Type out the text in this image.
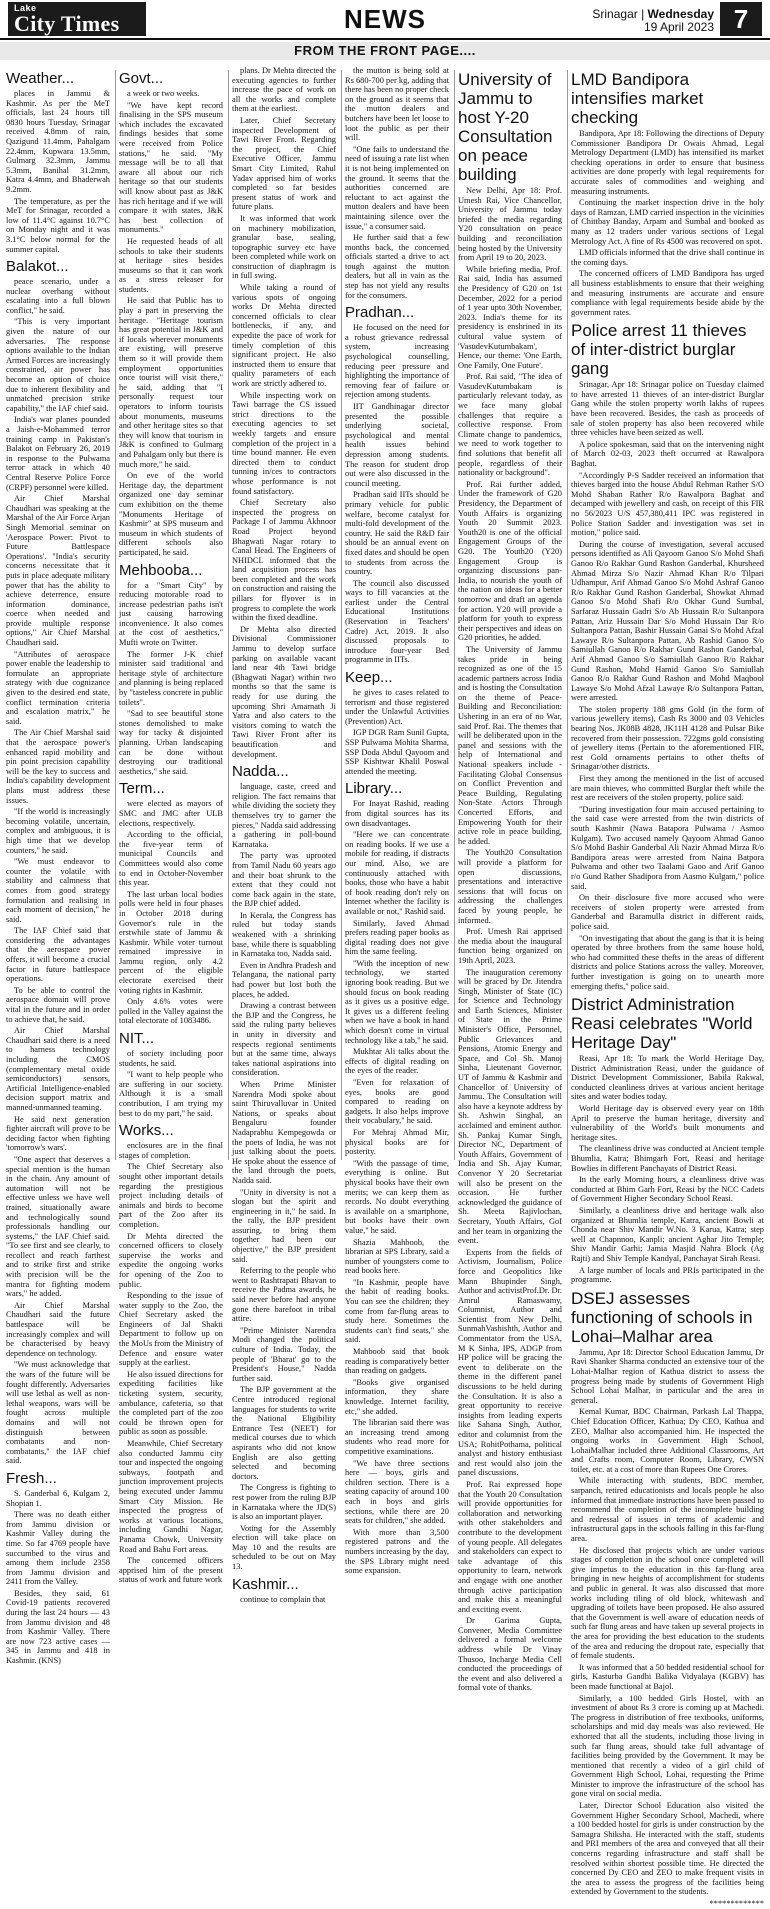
Lake
City Times	NEWS	Srinagar | Wednesday
19 April 2023 7
FROM THE FRONT PAGE....
Weather...

places in Jammu & Kashmir. As per the MeT officials, last 24 hours till 0830 hours Tuesday, Srinagar received 4.8mm of rain, Qazigund 11.4mm, Pahalgam 22.4mm, Kupwara 13.5mm, Gulmarg 32.3mm, Jammu 5.3mm, Banihal 31.2mm, Katra 4.4mm, and Bhaderwah 9.2mm.

The temperature, as per the MeT for Srinagar, recorded a low of 11.4°C against 10.7°C on Monday night and it was 3.1°C below normal for the summer capital.

Balakot...

peace scenario, under a nuclear overhang without escalating into a full blown conflict," he said.

"This is very important given the nature of our adversaries. The response options available to the Indian Armed Forces are increasingly constrained, air power has become an option of choice due to inherent flexibility and unmatched precision strike capability," the IAF chief said.

India's war planes pounded a Jaish-e-Mohammed terror training camp in Pakistan's Balakot on February 26, 2019 in response to the Pulwama terror attack in which 40 Central Reserve Police Force (CRPF) personnel were killed.

Air Chief Marshal Chaudhari was speaking at the Marshal of the Air Force Arjan Singh Memorial seminar on 'Aerospace Power: Pivot to Future Battlespace Operations'. "India's security concerns necessitate that it puts in place adequate military power that has the ability to achieve deterrence, ensure information dominance, coerce when needed and provide multiple response options," Air Chief Marshal Chaudhari said.

"Attributes of aerospace power enable the leadership to formulate an appropriate strategy with due cognizance given to the desired end state, conflict termination criteria and escalation matrix," he said.

The Air Chief Marshal said that the aerospace power's enhanced rapid mobility and pin point precision capability will be the key to success and India's capability development plans must address these issues.

"If the world is increasingly becoming volatile, uncertain, complex and ambiguous, it is high time that we develop counters," he said.

"We must endeavor to counter the volatile with stability and calmness that comes from good strategy formulation and realising in each moment of decision," he said.

The IAF Chief said that considering the advantages that the aerospace power offers, it will become a crucial factor in future battlespace operations.

To be able to control the aerospace domain will prove vital in the future and in order to achieve that, he said.

Air Chief Marshal Chaudhari said there is a need to harness technology including the CMOS (complementary metal oxide semiconductors) sensors, Artificial Intelligence-enabled decision support matrix and manned-unmanned teaming.

He said next generation fighter aircraft will prove to be deciding factor when fighting 'tomorrow's wars'.

"One aspect that deserves a special mention is the human in the chain. Any amount of automation will not be effective unless we have well trained, situationally aware and technologically sound professionals handling our systems," the IAF Chief said. "To see first and see clearly, to recollect and reach farthest and to strike first and strike with precision will be the mantra for fighting modern wars," he added.

Air Chief Marshal Chaudhari said the future battlespace will be increasingly complex and will be characterised by heavy dependence on technology.

"We must acknowledge that the wars of the future will be fought differently. Adversaries will use lethal as well as non-lethal weapons, wars will be fought across multiple domains and will not distinguish between combatants and non-combatants," the IAF chief said.

Fresh...

S. Ganderbal 6, Kulgam 2, Shopian 1.

There was no death either from Jammu division or Kashmir Valley during the time. So far 4769 people have succumbed to the virus and among them include 2358 from Jammu division and 2411 from the Valley.

Besides, they said, 61 Covid-19 patients recovered during the last 24 hours — 43 from Jammu division and 48 from Kashmir Valley. There are now 723 active cases — 345 in Jammu and 418 in Kashmir. (KNS)

Govt...

a week or two weeks.

"We have kept record finalising in the SPS museum which includes the excavated findings besides that some were received from Police stations," he said. "My message will be to all that aware all about our rich heritage so that our students will know about past as J&K has rich heritage and if we will compare it with states, J&K has best collection of monuments."

He requested heads of all schools to take their students at heritage sites besides museums so that it can work as a stress releaser for students.

He said that Public has to play a part in preserving the heritage. "Heritage tourism has great potential in J&K and if locals wherever monuments are existing, will preserve them so it will provide them employment opportunities once tourist will visit there," he said, adding that "I personally request tour operators to inform tourists about monuments, museums and other heritage sites so that they will know that tourism in J&K is confined to Gulmarg and Pahalgam only but there is much more," he said.

On eve of the world Heritage day, the department organized one day seminar cum exhibition on the theme "Monuments Heritage of Kashmir" at SPS museum and museum in which students of different schools also participated, he said.

Mehbooba...

for a "Smart City" by reducing motorable road to increase pedestrian paths isn't just causing harrowing inconvenience. It also comes at the cost of aesthetics," Mufti wrote on Twitter.

The former J-K chief minister said traditional and heritage style of architecture and planning is being replaced by "tasteless concrete in public toilets".

"Sad to see beautiful stone stones demolished to make way for tacky & disjointed planning. Urban landscaping can be done without destroying our traditional aesthetics," she said.

Term...

were elected as mayors of SMC and JMC after ULB elections, respectively.

According to the official, the five-year term of municipal Councils and Committees would also come to end in October-November this year.

The last urban local bodies polls were held in four phases in October 2018 during Governor's rule in the erstwhile state of Jammu & Kashmir. While voter turnout remained impressive in Jammu region, only 4.2 percent of the eligible electorate exercised their voting rights in Kashmir.

Only 4.6% votes were polled in the Valley against the total electorate of 1083486.

NIT...

of society including poor students, he said.

"I want to help people who are suffering in our society. Although it is a small contribution, I am trying my best to do my part," he said.

Works...

enclosures are in the final stages of completion.

The Chief Secretary also sought other important details regarding the prestigious project including details of animals and birds to become part of the Zoo after its completion.

Dr Mehta directed the concerned officers to closely supervise the works and expedite the ongoing works for opening of the Zoo to public.

Responding to the issue of water supply to the Zoo, the Chief Secretary asked the Engineers of Jal Shakti Department to follow up on the MoUs from the Ministry of Defence and ensure water supply at the earliest.

He also issued directions for expediting facilities like ticketing system, security, ambulance, cafeteria, so that the completed part of the zoo could be thrown open for public as soon as possible.

Meanwhile, Chief Secretary also conducted Jammu city tour and inspected the ongoing subways, footpath and junction improvement projects being executed under Jammu Smart City Mission. He inspected the progress of works at various locations, including Gandhi Nagar, Panama Chowk, University Road and Bahu Fort areas.

The concerned officers apprised him of the present status of work and future work

plans. Dr Mehta directed the executing agencies to further increase the pace of work on all the works and complete them at the earliest.

Later, Chief Secretary inspected Development of Tawi River Front. Regarding the project, the Chief Executive Officer, Jammu Smart City Limited, Rahul Yadav apprised him of works completed so far besides present status of work and future plans.

It was informed that work on machinery mobilization, granular base, sealing, topographic survey etc have been completed while work on construction of diaphragm is in full swing.

While taking a round of various spots of ongoing works Dr Mehta directed concerned officials to clear bottlenecks, if any, and expedite the pace of work for timely completion of this significant project. He also instructed them to ensure that quality parameters of each work are strictly adhered to.

While inspecting work on Tawi barrage the CS issued strict directions to the executing agencies to set weekly targets and ensure completion of the project in a time bound manner. He even directed them to conduct tunning in/ces to contractors whose performance is not found satisfactory.

Chief Secretary also inspected the progress on Package I of Jammu Akhnoor Road Project beyond Bhagwati Nagar rotary to Canal Head. The Engineers of NHIDCL informed that the land acquisition process has been completed and the work on construction and raising the pillars for flyover is in progress to complete the work within the fixed deadline.

Dr Mehta also directed Divisional Commissioner Jammu to develop surface parking on available vacant land near 4th Tawi bridge (Bhagwati Nagar) within two months so that the same is ready for use during the upcoming Shri Amarnath Ji Yatra and also caters to the visitors coming to watch the Tawi River Front after its beautification and development.

Nadda...

language, caste, creed and religion. The fact remains that while dividing the society they themselves try to garner the pieces," Nadda said addressing a gathering in poll-bound Karnataka.

The party was uprooted from Tamil Nadu 60 years ago and their boat shrunk to the extent that they could not come back again in the state, the BJP chief added.

In Kerala, the Congress has ruled but today stands weakened with a shrinking base, while there is squabbling in Karnataka too, Nadda said.

Even in Andhra Pradesh and Telangana, the national party had power but lost both the places, he added.

Drawing a contrast between the BJP and the Congress, he said the ruling party believes in unity in diversity and respects regional sentiments but at the same time, always takes national aspirations into consideration.

When Prime Minister Narendra Modi spoke about saint Thiruvalluvar in United Nations, or speaks about Bengaluru founder Nadaprabhu Kempegowda or the poets of India, he was not just talking about the poets. He spoke about the essence of the land through the poets, Nadda said.

"Unity in diversity is not a slogan but the spirit and engineering in it," he said. In the rally, the BJP president assuring, to bring them together had been our objective," the BJP president said.

Referring to the people who went to Rashtrapati Bhavan to receive the Padma awards, he said never before had anyone gone there barefoot in tribal attire.

"Prime Minister Narendra Modi changed the political culture of India. Today, the people of 'Bharat' go to the President's House," Nadda further said.

The BJP government at the Centre introduced regional languages for students to write the National Eligibility Entrance Test (NEET) for medical courses due to which aspirants who did not know English are also getting selected and becoming doctors.

The Congress is fighting to rest power from the ruling BJP in Karnataka where the JD(S) is also an important player.

Voting for the Assembly election will take place on May 10 and the results are scheduled to be out on May 13.

Kashmir...

continue to complain that

the mutton is being sold at Rs 680-700 per kg, adding that there has been no proper check on the ground as it seems that the mutton dealers and butchers have been let loose to loot the public as per their will.

"One fails to understand the need of issuing a rate list when it is not being implemented on the ground. It seems that the authorities concerned are reluctant to act against the mutton dealers and have been maintaining silence over the issue," a consumer said.

He further said that a few months back, the concerned officials started a drive to act tough against the mutton dealers, but all in vain as the step has not yield any results for the consumers.

Pradhan...

He focused on the need for a robust grievance redressal system, increasing psychological counselling, reducing peer pressure and highlighting the importance of removing fear of failure or rejection among students.

IIT Gandhinagar director presented the possible underlying societal, psychological and mental health issues behind depression among students. The reason for student drop out were also discussed in the council meeting.

Pradhan said IITs should be primary vehicle for public welfare, become catalyst for multi-fold development of the country. He said the R&D fair should be an annual event on fixed dates and should be open to students from across the country.

The council also discussed ways to fill vacancies at the earliest under the Central Educational Institutions (Reservation in Teachers' Cadre) Act, 2019. It also discussed proposals to introduce four-year Bed programme in IITs.

Keep...

he gives to cases related to terrorism and those registered under the Unlawful Activities (Prevention) Act.

IGP DGR Ram Sunil Gupta, SSP Pulwama Mohita Sharma, SSP Doda Abdul Qayoom and SSP Kishtwar Khalil Poswal attended the meeting.

Library...

For Inayat Rashid, reading from digital sources has its own disadvantages.

"Here we can concentrate on reading books. If we use a mobile for reading, if distracts our mind. Also, we are continuously attached with books, those who have a habit of book reading don't rely on Internet whether the facility is available or not," Rashid said.

Similarly, Javed Ahmad prefers reading paper books as digital reading does not give him the same feeling.

"With the inception of new technology, we started ignoring book reading. But we should focus on book reading as it gives us a positive edge. It gives us a different feeling when we have a book in hand which doesn't come in virtual technology like a tab," he said.

Mukhtar Ali talks about the effects of digital reading on the eyes of the reader.

"Even for relaxation of eyes, books are good compared to reading on gadgets. It also helps improve their vocabulary," he said.

For Mehraj Ahmad Mir, physical books are for posterity.

"With the passage of time, everything is online. But physical books have their own merits; we can keep them as records. No doubt everything is available on a smartphone, but books have their own value," he said.

Shazia Mahboob, the librarian at SPS Library, said a number of youngsters come to read books here.

"In Kashmir, people have the habit of reading books. You can see the children; they come from far-flung areas to study here. Sometimes the students can't find seats," she said.

Mahboob said that book reading is comparatively better than reading on gadgets.

"Books give organised information, they share knowledge. Internet facility, etc," she added.

The librarian said there was an increasing trend among students who read more for competitive examinations.

"We have three sections here — boys, girls and children section. There is a seating capacity of around 100 each in boys and girls sections, while there are 20 seats for children," she added.

With more than 3,500 registered patrons and the numbers increasing by the day, the SPS Library might need some expansion.

University of Jammu to host Y-20 Consultation on peace building

New Delhi, Apr 18: Prof. Umesh Rai, Vice Chancellor, University of Jammu today briefed the media regarding Y20 consultation on peace building and reconciliation being hosted by the University from April 19 to 20, 2023.

While briefing media, Prof. Rai said, India has assumed the Presidency of G20 on 1st December, 2022 for a period of 1 year upto 30th November, 2023. India's theme for its presidency is enshrined in its cultural value system of 'VasudevKutumbakam', Hence, our theme: 'One Earth, One Family, One Future'.

Prof. Rai said, "The idea of VasudevKutumbakam is particularly relevant today, as we face many global challenges that require a collective response. From Climate change to pandemics, we need to work together to find solutions that benefit all people, regardless of their nationality or background".

Prof. Rai further added, Under the framework of G20 Presidency, the Department of Youth Affairs is organizing Youth 20 Summit 2023. Youth20 is one of the official Engagement Groups of the G20. The Youth20 (Y20) Engagement Group is organizing discussions pan-India, to nourish the youth of the nation on ideas for a better tomorrow and draft an agenda for action. Y20 will provide a platform for youth to express their perspectives and ideas on G20 priorities, he added.

The University of Jammu takes pride in being recognized as one of the 15 academic partners across India and is hosting the Consultation on the theme of Peace-Building and Reconciliation: Ushering in an era of no War, said Prof. Rai. The themes that will be deliberated upon in the panel and sessions with the help of International and National speakers include -Facilitating Global Consensus on Conflict Prevention and Peace Building, Regulating Non-State Actors Through Concerted Efforts, and Empowering Youth for their active role in peace building, he added.

The Youth20 Consultation will provide a platform for open discussions, presentations and interactive sessions that will focus on addressing the challenges faced by young people, he informed.

Prof. Umesh Rai apprised the media about the inaugural function being organized on 19th April, 2023.

The inauguration ceremony will be graced by Dr. Jitendra Singh, Minister of State (IC) for Science and Technology and Earth Sciences, Minister of State in the Prime Minister's Office, Personnel, Public Grievances and Pensions, Atomic Energy and Space, and Col Sh. Manoj Sinha, Lieutenant Governor, UT of Jammu & Kashmir and Chancellor of University of Jammu. The Consultation will also have a keynote address by Sh. Ashwin Singhal, an acclaimed and eminent author. Sh. Pankaj Kumar Singh, Director NC, Department of Youth Affairs, Government of India and Sh. Ajay Kumar, Convenor Y 20 Secretariat will also be present on the occasion. He further acknowledged the guidance of Sh. Meeta Rajivlochan, Secretary, Youth Affairs, GoI and her team in organizing the event.

Experts from the fields of Activism, Journalism, Police force and Geopolitics like Mann Bhupinder Singh, Author and activistProf.Dr. Dr. Amrul Ramaswamy, Columnist, Author and Scientist from New Delhi, SunmahVashishth, Author and Commentator from the USA, M K Sinha, IPS, ADGP from HP police will be gracing the event to deliberate on the theme in the different panel discussions to be held during the Consultation. It is also a great opportunity to receive insights from leading experts like Sahana Singh, Author, editor and columnist from the USA; RohitPothama, political analyst and history enthusiast and rest would also join the panel discussions.

Prof. Rai expressed hope that the Youth 20 Consultation will provide opportunities for collaboration and networking with other stakeholders and contribute to the development of young people. All delegates and stakeholders can expect to take advantage of this opportunity to learn, network and engage with one another through active participation and make this a meaningful and exciting event.

Dr Garima Gupta, Convener, Media Committee delivered a formal welcome address while Dr Vinay Thusoo, Incharge Media Cell conducted the proceedings of the event and also delivered a formal vote of thanks.

LMD Bandipora intensifies market checking

Bandipora, Apr 18: Following the directions of Deputy Commissioner Bandipora Dr Owais Ahmad, Legal Metrology Department (LMD) has intensified its market checking operations in order to ensure that business activities are done properly with legal requirements for accurate sales of commodities and weighing and measuring instruments.

Continuing the market inspection drive in the holy days of Ramzan, LMD carried inspection in the vicinities of Chittbay Banday, Arpam and Sumbal and booked as many as 12 traders under various sections of Legal Metrology Act. A fine of Rs 4500 was recovered on spot.

LMD officials informed that the drive shall continue in the coming days.

The concerned officers of LMD Bandipora has urged all business establishments to ensure that their weighing and measuring instruments are accurate and ensure compliance with legal requirements beside abide by the government rates.

Police arrest 11 thieves of inter-district burglar gang

Srinagar, Apr 18: Srinagar police on Tuesday claimed to have arrested 11 thieves of an inter-district Burglar Gang while the stolen property worth lakhs of rupees have been recovered. Besides, the cash as proceeds of sale of stolen property has also been recovered while three vehicles have been seized as well.

A police spokesman, said that on the intervening night of March 02-03, 2023 theft occurred at Rawalpora Baghat.

"Accordingly P-S Sadder received an information that thieves barged into the house Abdul Rehman Rather S/O Mohd Shaban Rather R/o Rawalpora Baghat and decamped with jewellery and cash, on receipt of this FIR no 56/2023 U/S 457,380,411 IPC was registered in Police Station Sadder and investigation was set in motion," police said.

During the course of investigation, several accused persons identified as Ali Qayoom Ganoo S/o Mohd Shafi Ganoo R/o Rakhar Gund Rashon Ganderbal, Khursheed Ahmad Mirza S/o Nazir Ahmad Khan R/o Tilpari Udhampur, Arif Ahmad Ganoo S/o Mohd Ashraf Ganoo R/o Rakhar Gund Rashon Ganderbal, Showkat Ahmad Ganoo S/o Mohd Shafi R/o Okhar Gund Sumbal, Sarfaraz Hussain Gadri S/o Ab Hussain R/o Sultanpora Pattan, Ariz Hussain Dar S/o Mohd Hussain Dar R/o Sultanpora Pattan, Bashir Hussain Ganai S/o Mohd Afzal Lawaye R/o Sultanpora Pattan, Ab Rashid Ganoo S/o Samiullah Ganoo R/o Rakhar Gund Rashon Ganderbal, Arif Ahmad Ganoo S/o Samiullah Ganoo R/o Rakhar Gund Rashon, Mohd Hamid Ganoo S/o Samiullah Ganoo R/o Rakhar Gund Rashon and Mohd Maqbool Lawaye S/o Mohd Afzal Lawaye R/o Sultanpora Pattan, were arrested.

The stolen property 188 gms Gold (in the form of various jewellery items), Cash Rs 3000 and 03 Vehicles bearing Nos. JK08B 4828, JK11H 4128 and Pulsar Bike recovered from their possession. 722gms gold consisting of jewellery items (Pertain to the aforementioned FIR, rest Gold ornaments pertains to other thefts of Srinagar/other districts.

First they among the mentioned in the list of accused are main thieves, who committed Burglar theft while the rest are receivers of the stolen property, police said.

"During investigation four main accused pertaining to the said case were arrested from the twin districts of south Kashmir (Nawa Batapora Pulwama / Asmoo Kulgam). Two accused namely Qayoom Ahmad Ganoo S/o Mohd Bashir Ganderbal Ali Nazir Ahmad Mirza R/o Bandipora areas were arrested from Naina Batpora Pulwama and other two Taalami Gaoo and Arif Ganoo r/o Gund Rather Shadipora from Aasmo Kulgam," police said.

On their disclosure five more accused who were receivers of stolen property were arrested from Ganderbal and Baramulla district in different raids, police said.

"On investigating that about the gang is that it is being operated by three brothers from the same house hold, who had committed these thefts in the areas of different districts and police Stations across the valley. Moreover, further investigation is going on to unearth more emerging thefts," police said.

District Administration Reasi celebrates "World Heritage Day"

Reasi, Apr 18: To mark the World Heritage Day, District Administration Reasi, under the guidance of District Development Commissioner, Babila Rakwal, conducted cleanliness drives at various ancient heritage sites and water bodies today.

World Heritage day is observed every year on 18th April to preserve the human heritage, diversity and vulnerability of the World's built monuments and heritage sites.

The cleanliness drive was conducted at Ancient temple Bhumlia, Katra; Bhimgarh Fort, Reasi and heritage Bowlies in different Panchayats of District Reasi.

In the early Morning hours, a cleanliness drive was conducted at Bhim Garh Fort, Reasi by the NCC Cadets of Government Higher Secondary School Reasi.

Similarly, a cleanliness drive and heritage walk also organized at Bhumlia temple, Katra, ancient Bowli at Chonda near Shiv Mandir W.No. 3 Karua, Katra; step well at Chapnnoo, Kanpli; ancient Aghar Jito Temple; Shiv Mandir Garhi; Jamia Masjid Nahra Block (Ag Rajti) and Shiv Temple Kandyal, Panchayat Sirah Reasi.

A large number of locals and PRIs participated in the programme.

DSEJ assesses functioning of schools in Lohai–Malhar area

Jammu, Apr 18: Director School Education Jammu, Dr Ravi Shanker Sharma conducted an extensive tour of the Lohai-Malhar region of Kathua district to assess the progress being made by students of Government High School Lohai Malhar, in particular and the area in general.

Kemal Kumar, BDC Chairman, Parkash Lal Thappa, Chief Education Officer, Kathua; Dy CEO, Kathua and ZEO, Malhar also accompanied him. He inspected the ongoing works in Government High School, LohaiMalhar included three Additional Classrooms, Art and Crafts room, Computer Room, Library, CWSN toilet, etc. at a cost of more than Rupees One Crores.

While interacting with students, BDC member, sarpanch, retired educationists and locals people he also informed that immediate instructions have been passed to recommend the completion of the incomplete building and redressal of issues in terms of academic and infrastructural gaps in the schools falling in this far-flung area.

He disclosed that projects which are under various stages of completion in the school once completed will give impetus to the education in this far-flung area bringing in new heights of accomplishment for students and public in general. It was also discussed that more works including tiling of old block, whitewash and upgrading of toilets have been proposed. He also assured that the Government is well aware of education needs of such far flung areas and have taken up several projects in the area for providing the best education to the students of the area and reducing the dropout rate, especially that of female students.

It was informed that a 50 bedded residential school for girls, Kasturba Gandhi Balika Vidyalaya (KGBV) has been made functional at Bajol.

Similarly, a 100 bedded Girls Hostel, with an investment of about Rs 3 crore is coming up at Machedi. The progress in distribution of free textbooks, uniforms, scholarships and mid day meals was also reviewed. He exhorted that all the students, including those living in such far flung areas, should take full advantage of facilities being provided by the Government. It may be mentioned that recently a video of a girl child of Government High School, Lohai, requesting the Prime Minister to improve the infrastructure of the school has gone viral on social media.

Later, Director School Education also visited the Government Higher Secondary School, Machedi, where a 100 bedded hostel for girls is under construction by the Samagra Shiksha. He interacted with the staff, students and PRI members of the area and conveyed that all their concerns regarding infrastructure and staff shall be resolved within shortest possible time. He directed the concerned Dy CEO and ZEO to make frequent visits in the area to assess the progress of the facilities being extended by Government to the students.

*************
